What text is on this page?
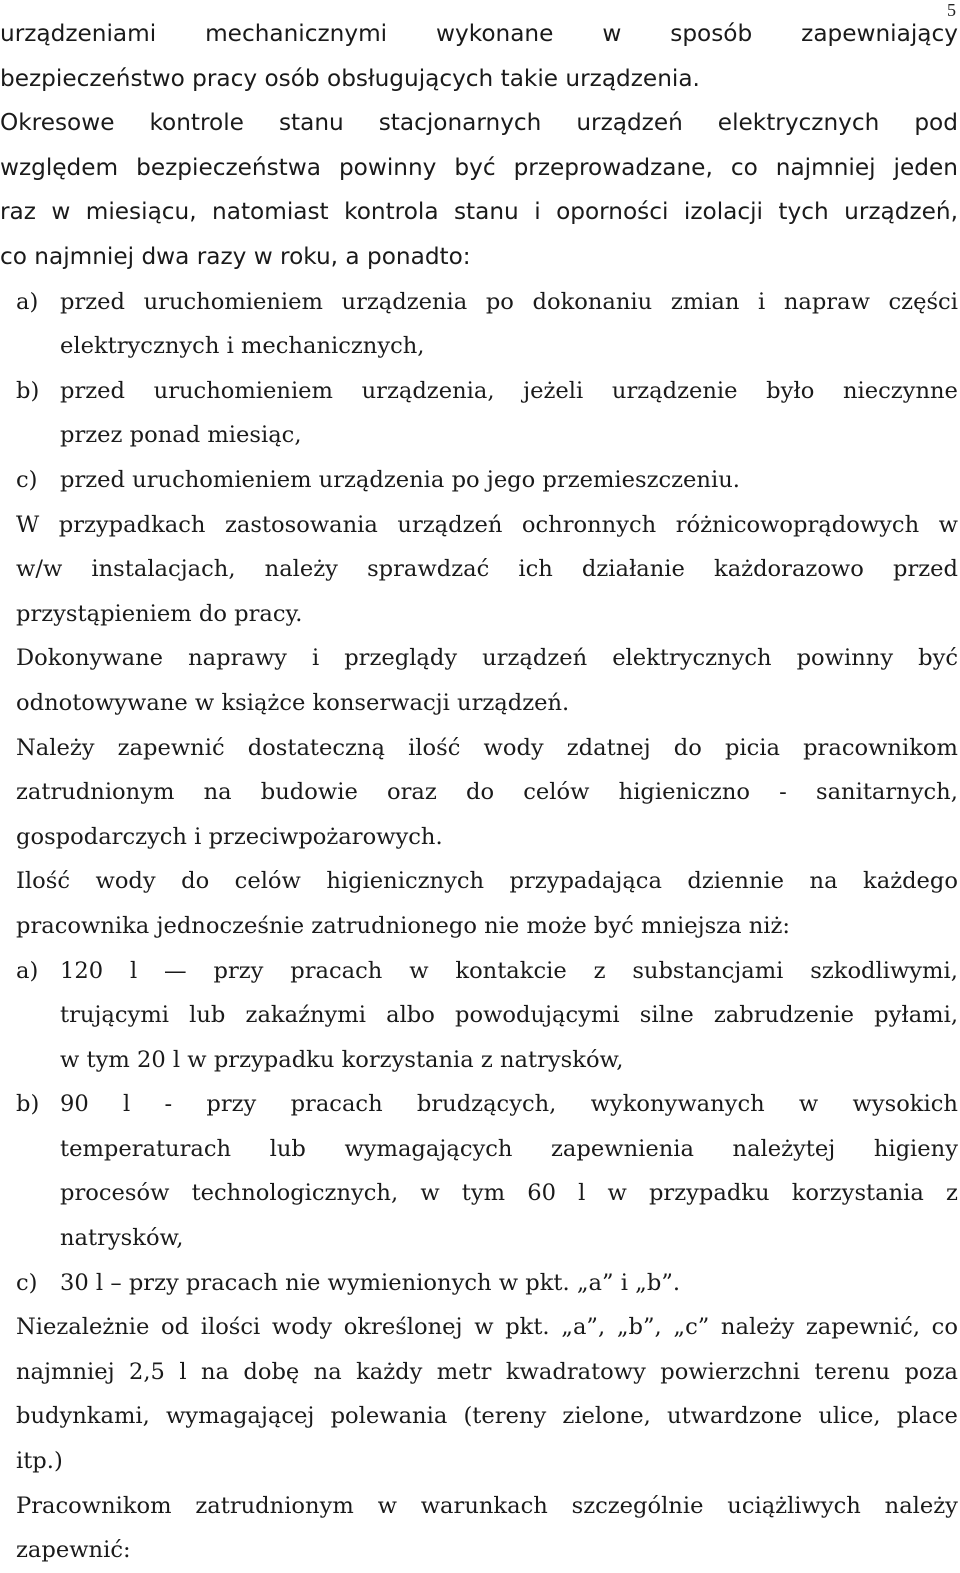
5
urządzeniami mechanicznymi wykonane w sposób zapewniający
bezpieczeństwo pracy osób obsługujących takie urządzenia.
Okresowe kontrole stanu stacjonarnych urządzeń elektrycznych pod
względem bezpieczeństwa powinny być przeprowadzane, co najmniej jeden
raz w miesiącu, natomiast kontrola stanu i oporności izolacji tych urządzeń,
co najmniej dwa razy w roku, a ponadto:
a) przed uruchomieniem urządzenia po dokonaniu zmian i napraw części
elektrycznych i mechanicznych,
b) przed uruchomieniem urządzenia, jeżeli urządzenie było nieczynne
przez ponad miesiąc,
c) przed uruchomieniem urządzenia po jego przemieszczeniu.
W przypadkach zastosowania urządzeń ochronnych różnicowoprądowych w
w/w instalacjach, należy sprawdzać ich działanie każdorazowo przed
przystąpieniem do pracy.
Dokonywane naprawy i przeglądy urządzeń elektrycznych powinny być
odnotowywane w książce konserwacji urządzeń.
Należy zapewnić dostateczną ilość wody zdatnej do picia pracownikom
zatrudnionym na budowie oraz do celów higieniczno - sanitarnych,
gospodarczych i przeciwpożarowych.
Ilość wody do celów higienicznych przypadająca dziennie na każdego
pracownika jednocześnie zatrudnionego nie może być mniejsza niż:
a) 120 l — przy pracach w kontakcie z substancjami szkodliwymi,
trującymi lub zakaźnymi albo powodującymi silne zabrudzenie pyłami,
w tym 20 l w przypadku korzystania z natrysków,
b) 90 l - przy pracach brudzących, wykonywanych w wysokich
temperaturach lub wymagających zapewnienia należytej higieny
procesów technologicznych, w tym 60 l w przypadku korzystania z
natrysków,
c) 30 l – przy pracach nie wymienionych w pkt. „a” i „b”.
Niezależnie od ilości wody określonej w pkt. „a”, „b”, „c” należy zapewnić, co
najmniej 2,5 l na dobę na każdy metr kwadratowy powierzchni terenu poza
budynkami, wymagającej polewania (tereny zielone, utwardzone ulice, place
itp.)
Pracownikom zatrudnionym w warunkach szczególnie uciążliwych należy
zapewnić:
